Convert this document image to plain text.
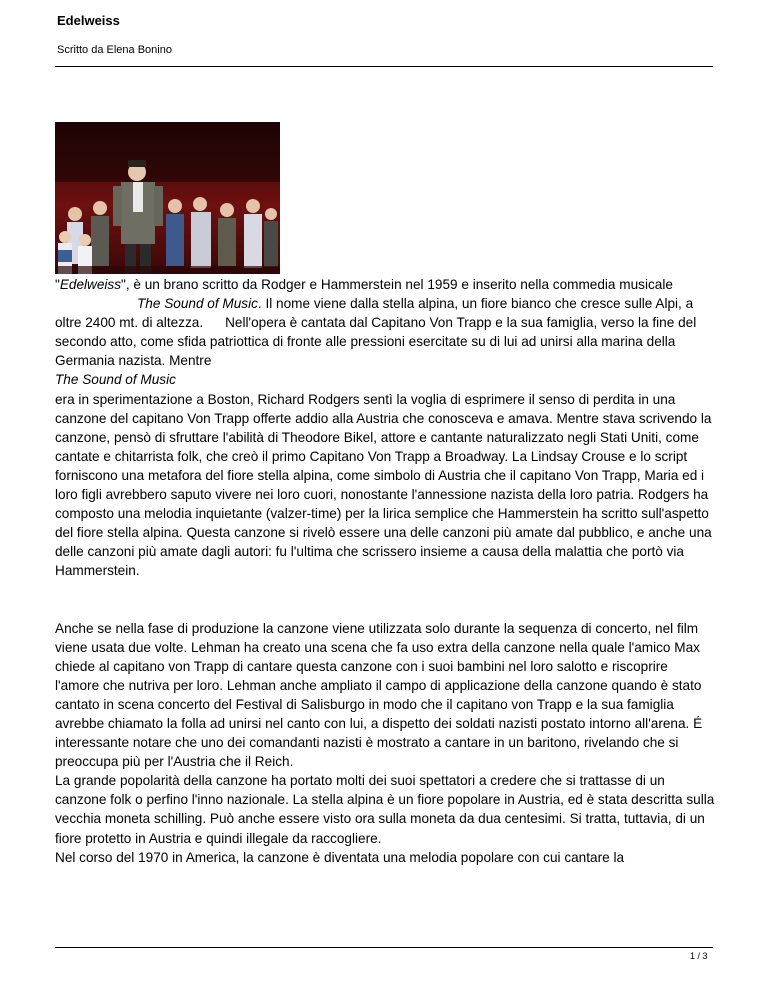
Edelweiss
Scritto da Elena Bonino

"Edelweiss", è un brano scritto da Rodger e Hammerstein nel 1959 e inserito nella commedia musicaleThe Sound of Music. Il nome viene dalla stella alpina, un fiore bianco che cresce sulle Alpi, a oltre 2400 mt. di altezza. Nell'opera è cantata dal Capitano Von Trapp e la sua famiglia, verso la fine del secondo atto, come sfida patriottica di fronte alle pressioni esercitate su di lui ad unirsi alla marina della Germania nazista. Mentre
The Sound of Music
era in sperimentazione a Boston, Richard Rodgers sentì la voglia di esprimere il senso di perdita in una canzone del capitano Von Trapp offerte addio alla Austria che conosceva e amava. Mentre stava scrivendo la canzone, pensò di sfruttare l'abilità di Theodore Bikel, attore e cantante naturalizzato negli Stati Uniti, come cantate e chitarrista folk, che creò il primo Capitano Von Trapp a Broadway. La Lindsay Crouse e lo script forniscono una metafora del fiore stella alpina, come simbolo di Austria che il capitano Von Trapp, Maria ed i loro figli avrebbero saputo vivere nei loro cuori, nonostante l'annessione nazista della loro patria. Rodgers ha composto una melodia inquietante (valzer-time) per la lirica semplice che Hammerstein ha scritto sull'aspetto del fiore stella alpina. Questa canzone si rivelò essere una delle canzoni più amate dal pubblico, e anche una delle canzoni più amate dagli autori: fu l'ultima che scrissero insieme a causa della malattia che portò via Hammerstein.

Anche se nella fase di produzione la canzone viene utilizzata solo durante la sequenza di concerto, nel film viene usata due volte. Lehman ha creato una scena che fa uso extra della canzone nella quale l'amico Max chiede al capitano von Trapp di cantare questa canzone con i suoi bambini nel loro salotto e riscoprire l'amore che nutriva per loro. Lehman anche ampliato il campo di applicazione della canzone quando è stato cantato in scena concerto del Festival di Salisburgo in modo che il capitano von Trapp e la sua famiglia avrebbe chiamato la folla ad unirsi nel canto con lui, a dispetto dei soldati nazisti postato intorno all'arena. É interessante notare che uno dei comandanti nazisti è mostrato a cantare in un baritono, rivelando che si preoccupa più per l'Austria che il Reich.

La grande popolarità della canzone ha portato molti dei suoi spettatori a credere che si trattasse di un canzone folk o perfino l'inno nazionale. La stella alpina è un fiore popolare in Austria, ed è stata descritta sulla vecchia moneta schilling. Può anche essere visto ora sulla moneta da dua centesimi. Si tratta, tuttavia, di un fiore protetto in Austria e quindi illegale da raccogliere.

Nel corso del 1970 in America, la canzone è diventata una melodia popolare con cui cantare la

1 / 3
